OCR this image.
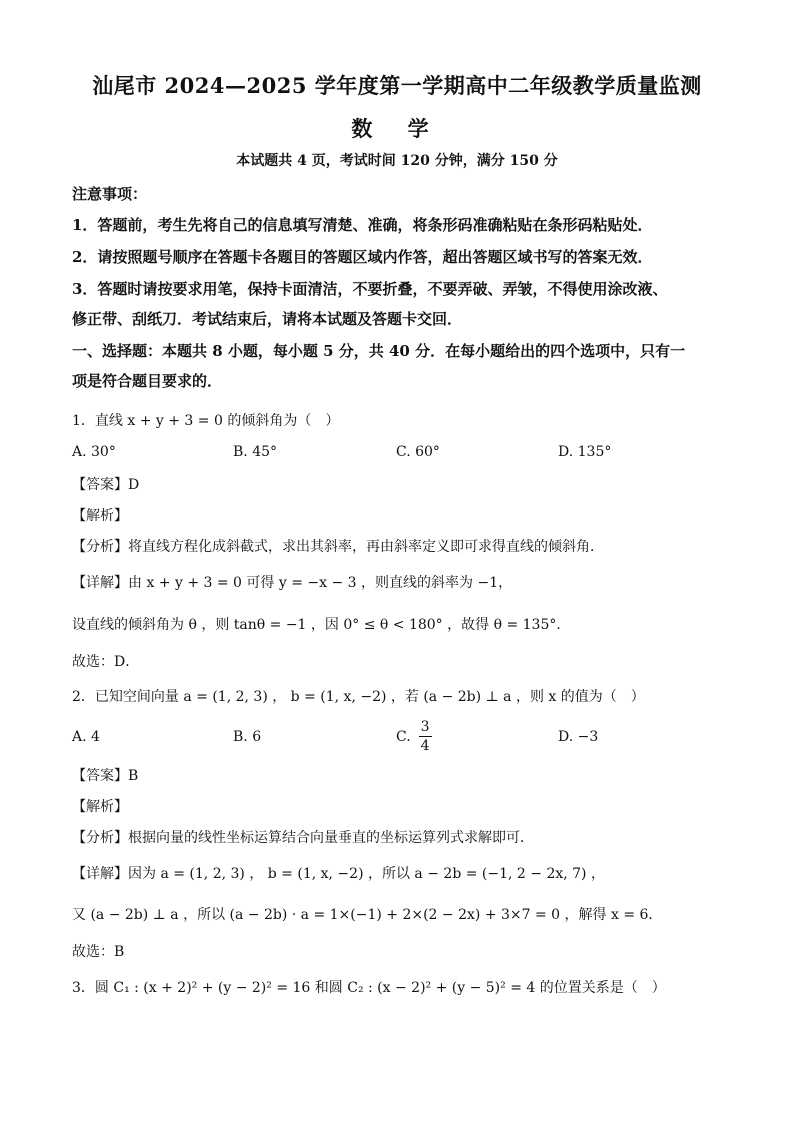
汕尾市 2024—2025 学年度第一学期高中二年级教学质量监测
数 学
本试题共 4 页，考试时间 120 分钟，满分 150 分
注意事项：
1．答题前，考生先将自己的信息填写清楚、准确，将条形码准确粘贴在条形码粘贴处．
2．请按照题号顺序在答题卡各题目的答题区域内作答，超出答题区域书写的答案无效．
3．答题时请按要求用笔，保持卡面清洁，不要折叠，不要弄破、弄皱，不得使用涂改液、
修正带、刮纸刀．考试结束后，请将本试题及答题卡交回．
一、选择题：本题共 8 小题，每小题 5 分，共 40 分．在每小题给出的四个选项中，只有一
项是符合题目要求的．
1．直线 x + y + 3 = 0 的倾斜角为（　）
A. 30°	B. 45°	C. 60°	D. 135°
【答案】D
【解析】
【分析】将直线方程化成斜截式，求出其斜率，再由斜率定义即可求得直线的倾斜角．
【详解】由 x + y + 3 = 0 可得 y = −x − 3 ，则直线的斜率为 −1，
设直线的倾斜角为 θ ，则 tanθ = −1 ，因 0° ≤ θ < 180° ，故得 θ = 135°．
故选：D．
2．已知空间向量 a = (1, 2, 3) ， b = (1, x, −2) ，若 (a − 2b) ⊥ a ，则 x 的值为（　）
A. 4	B. 6	C. $\frac{3}{4}$	D. −3
【答案】B
【解析】
【分析】根据向量的线性坐标运算结合向量垂直的坐标运算列式求解即可．
【详解】因为 a = (1, 2, 3) ， b = (1, x, −2) ，所以 a − 2b = (−1, 2 − 2x, 7) ，
又 (a − 2b) ⊥ a ，所以 (a − 2b) · a = 1×(−1) + 2×(2 − 2x) + 3×7 = 0 ，解得 x = 6．
故选：B
3．圆 C₁ : (x + 2)² + (y − 2)² = 16 和圆 C₂ : (x − 2)² + (y − 5)² = 4 的位置关系是（　）
